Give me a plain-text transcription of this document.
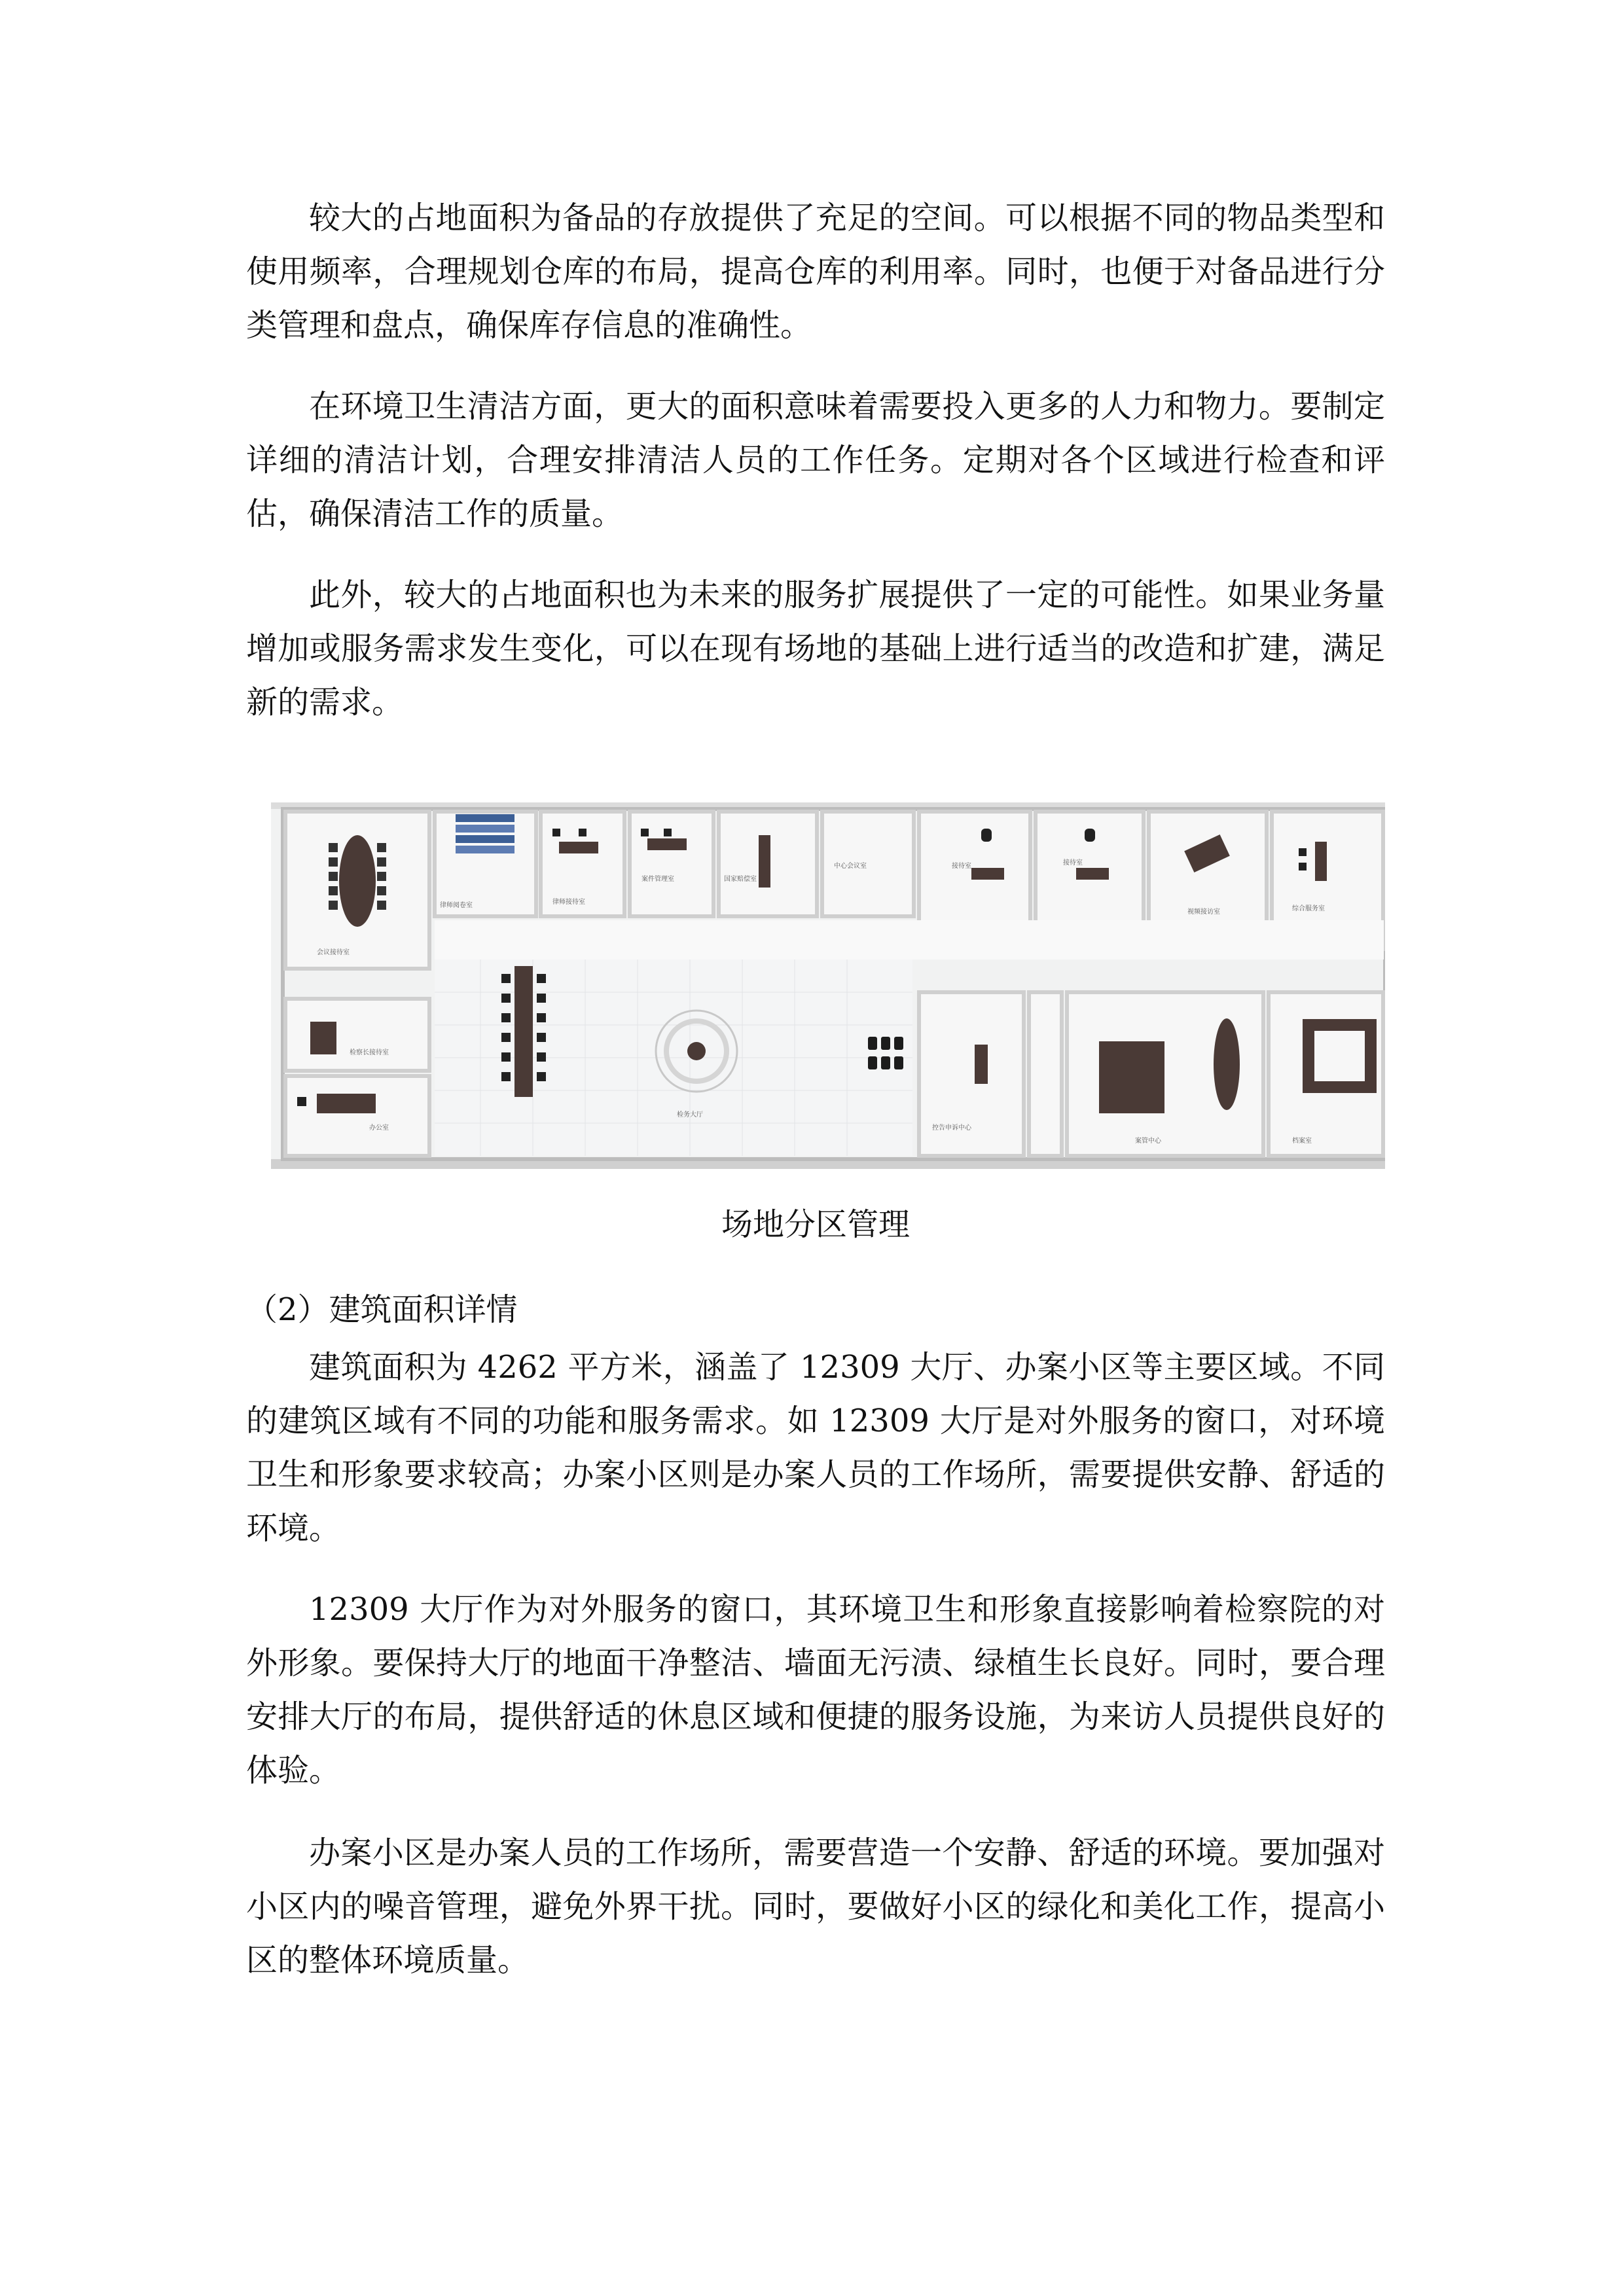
较大的占地面积为备品的存放提供了充足的空间。可以根据不同的物品类型和使用频率，合理规划仓库的布局，提高仓库的利用率。同时，也便于对备品进行分类管理和盘点，确保库存信息的准确性。

在环境卫生清洁方面，更大的面积意味着需要投入更多的人力和物力。要制定详细的清洁计划，合理安排清洁人员的工作任务。定期对各个区域进行检查和评估，确保清洁工作的质量。

此外，较大的占地面积也为未来的服务扩展提供了一定的可能性。如果业务量增加或服务需求发生变化，可以在现有场地的基础上进行适当的改造和扩建，满足新的需求。

会议接待室
律师阅卷室	律师接待室
案件管理室	国家赔偿室
中心会议室	接待室	接待室
视频接访室	综合服务室
检察长接待室
办公室
检务大厅
控告申诉中心
案管中心	档案室

场地分区管理

（2）建筑面积详情

建筑面积为 4262 平方米，涵盖了 12309 大厅、办案小区等主要区域。不同的建筑区域有不同的功能和服务需求。如 12309 大厅是对外服务的窗口，对环境卫生和形象要求较高；办案小区则是办案人员的工作场所，需要提供安静、舒适的环境。

12309 大厅作为对外服务的窗口，其环境卫生和形象直接影响着检察院的对外形象。要保持大厅的地面干净整洁、墙面无污渍、绿植生长良好。同时，要合理安排大厅的布局，提供舒适的休息区域和便捷的服务设施，为来访人员提供良好的体验。

办案小区是办案人员的工作场所，需要营造一个安静、舒适的环境。要加强对小区内的噪音管理，避免外界干扰。同时，要做好小区的绿化和美化工作，提高小区的整体环境质量。
